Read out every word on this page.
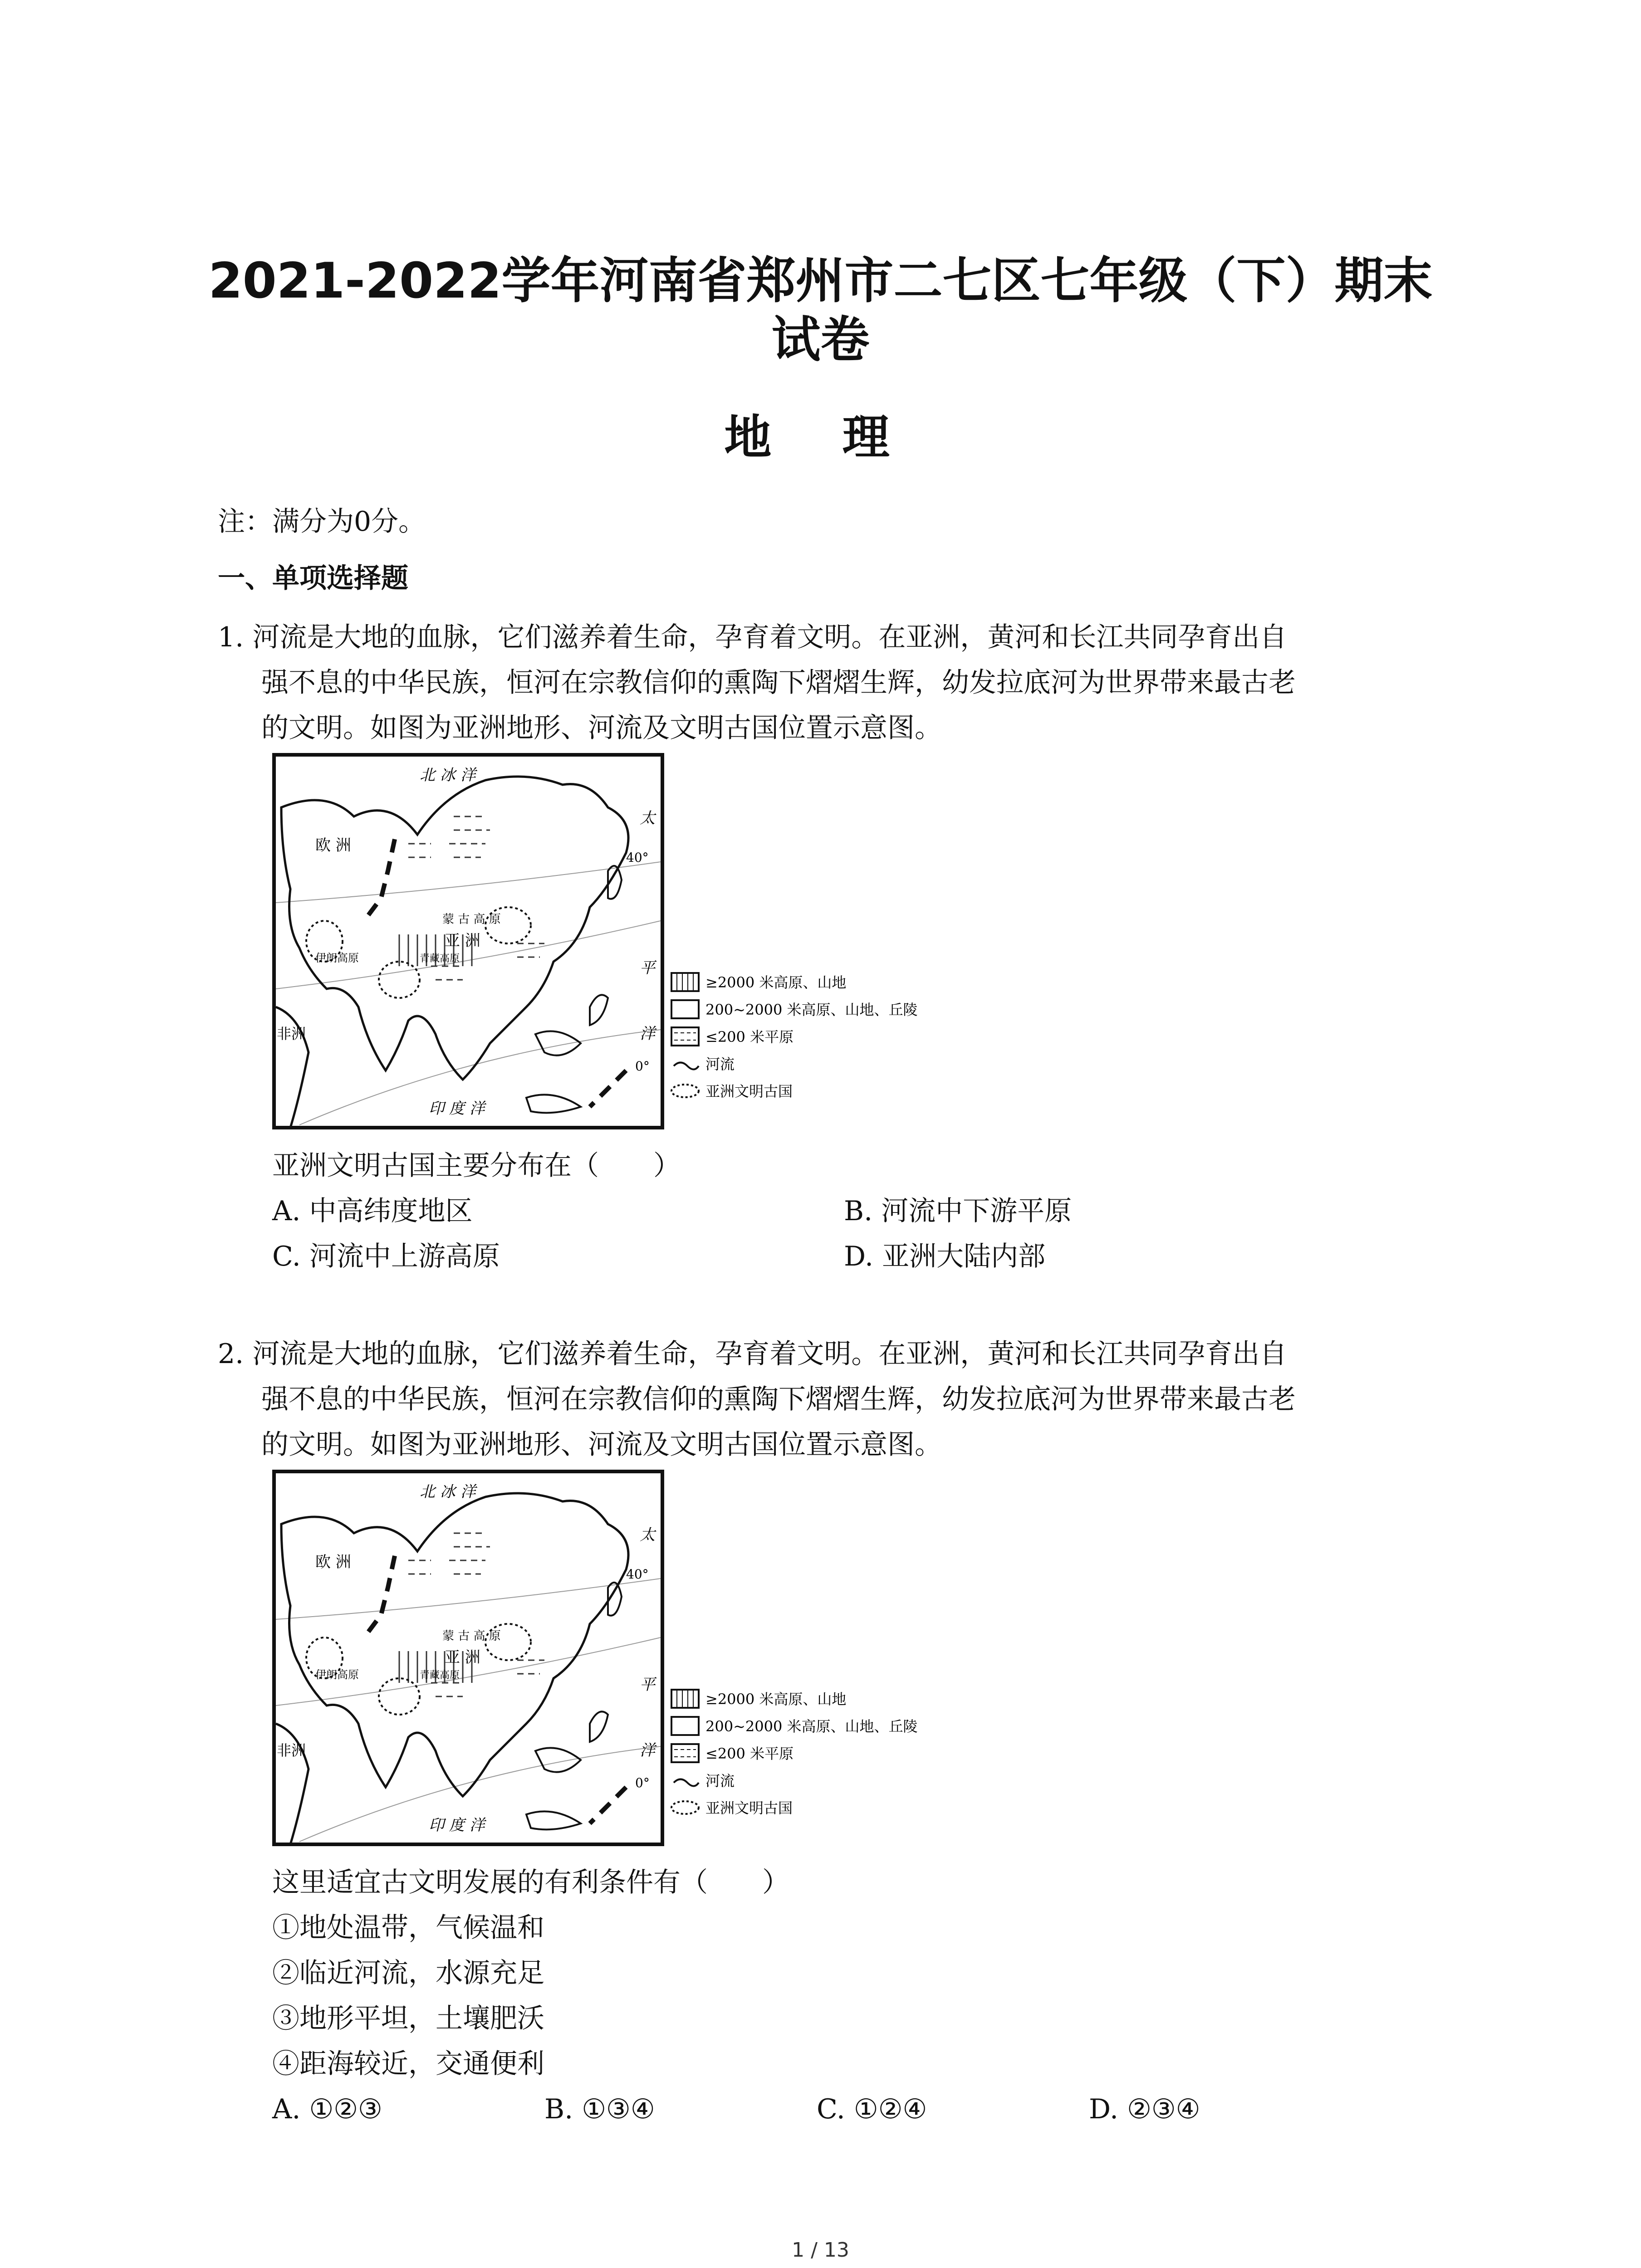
2021-2022学年河南省郑州市二七区七年级（下）期末
试卷
地 理
注：满分为0分。
一、单项选择题
1. 河流是大地的血脉，它们滋养着生命，孕育着文明。在亚洲，黄河和长江共同孕育出自
强不息的中华民族，恒河在宗教信仰的熏陶下熠熠生辉，幼发拉底河为世界带来最古老
的文明。如图为亚洲地形、河流及文明古国位置示意图。
北 冰 洋
欧 洲
太
平
洋
40°
0°
蒙 古 高 原
亚 洲
伊朗高原	青藏高原
非洲
印 度 洋
≥2000 米高原、山地
200~2000 米高原、山地、丘陵
≤200 米平原
河流
亚洲文明古国
亚洲文明古国主要分布在（　　）
A. 中高纬度地区	B. 河流中下游平原
C. 河流中上游高原	D. 亚洲大陆内部
2. 河流是大地的血脉，它们滋养着生命，孕育着文明。在亚洲，黄河和长江共同孕育出自
强不息的中华民族，恒河在宗教信仰的熏陶下熠熠生辉，幼发拉底河为世界带来最古老
的文明。如图为亚洲地形、河流及文明古国位置示意图。
北 冰 洋
欧 洲
太
平
洋
40°
0°
蒙 古 高 原
亚 洲
伊朗高原	青藏高原
非洲
印 度 洋
≥2000 米高原、山地
200~2000 米高原、山地、丘陵
≤200 米平原
河流
亚洲文明古国
这里适宜古文明发展的有利条件有（　　）
①地处温带，气候温和
②临近河流，水源充足
③地形平坦，土壤肥沃
④距海较近，交通便利
A. ①②③	B. ①③④	C. ①②④	D. ②③④
1 / 13
